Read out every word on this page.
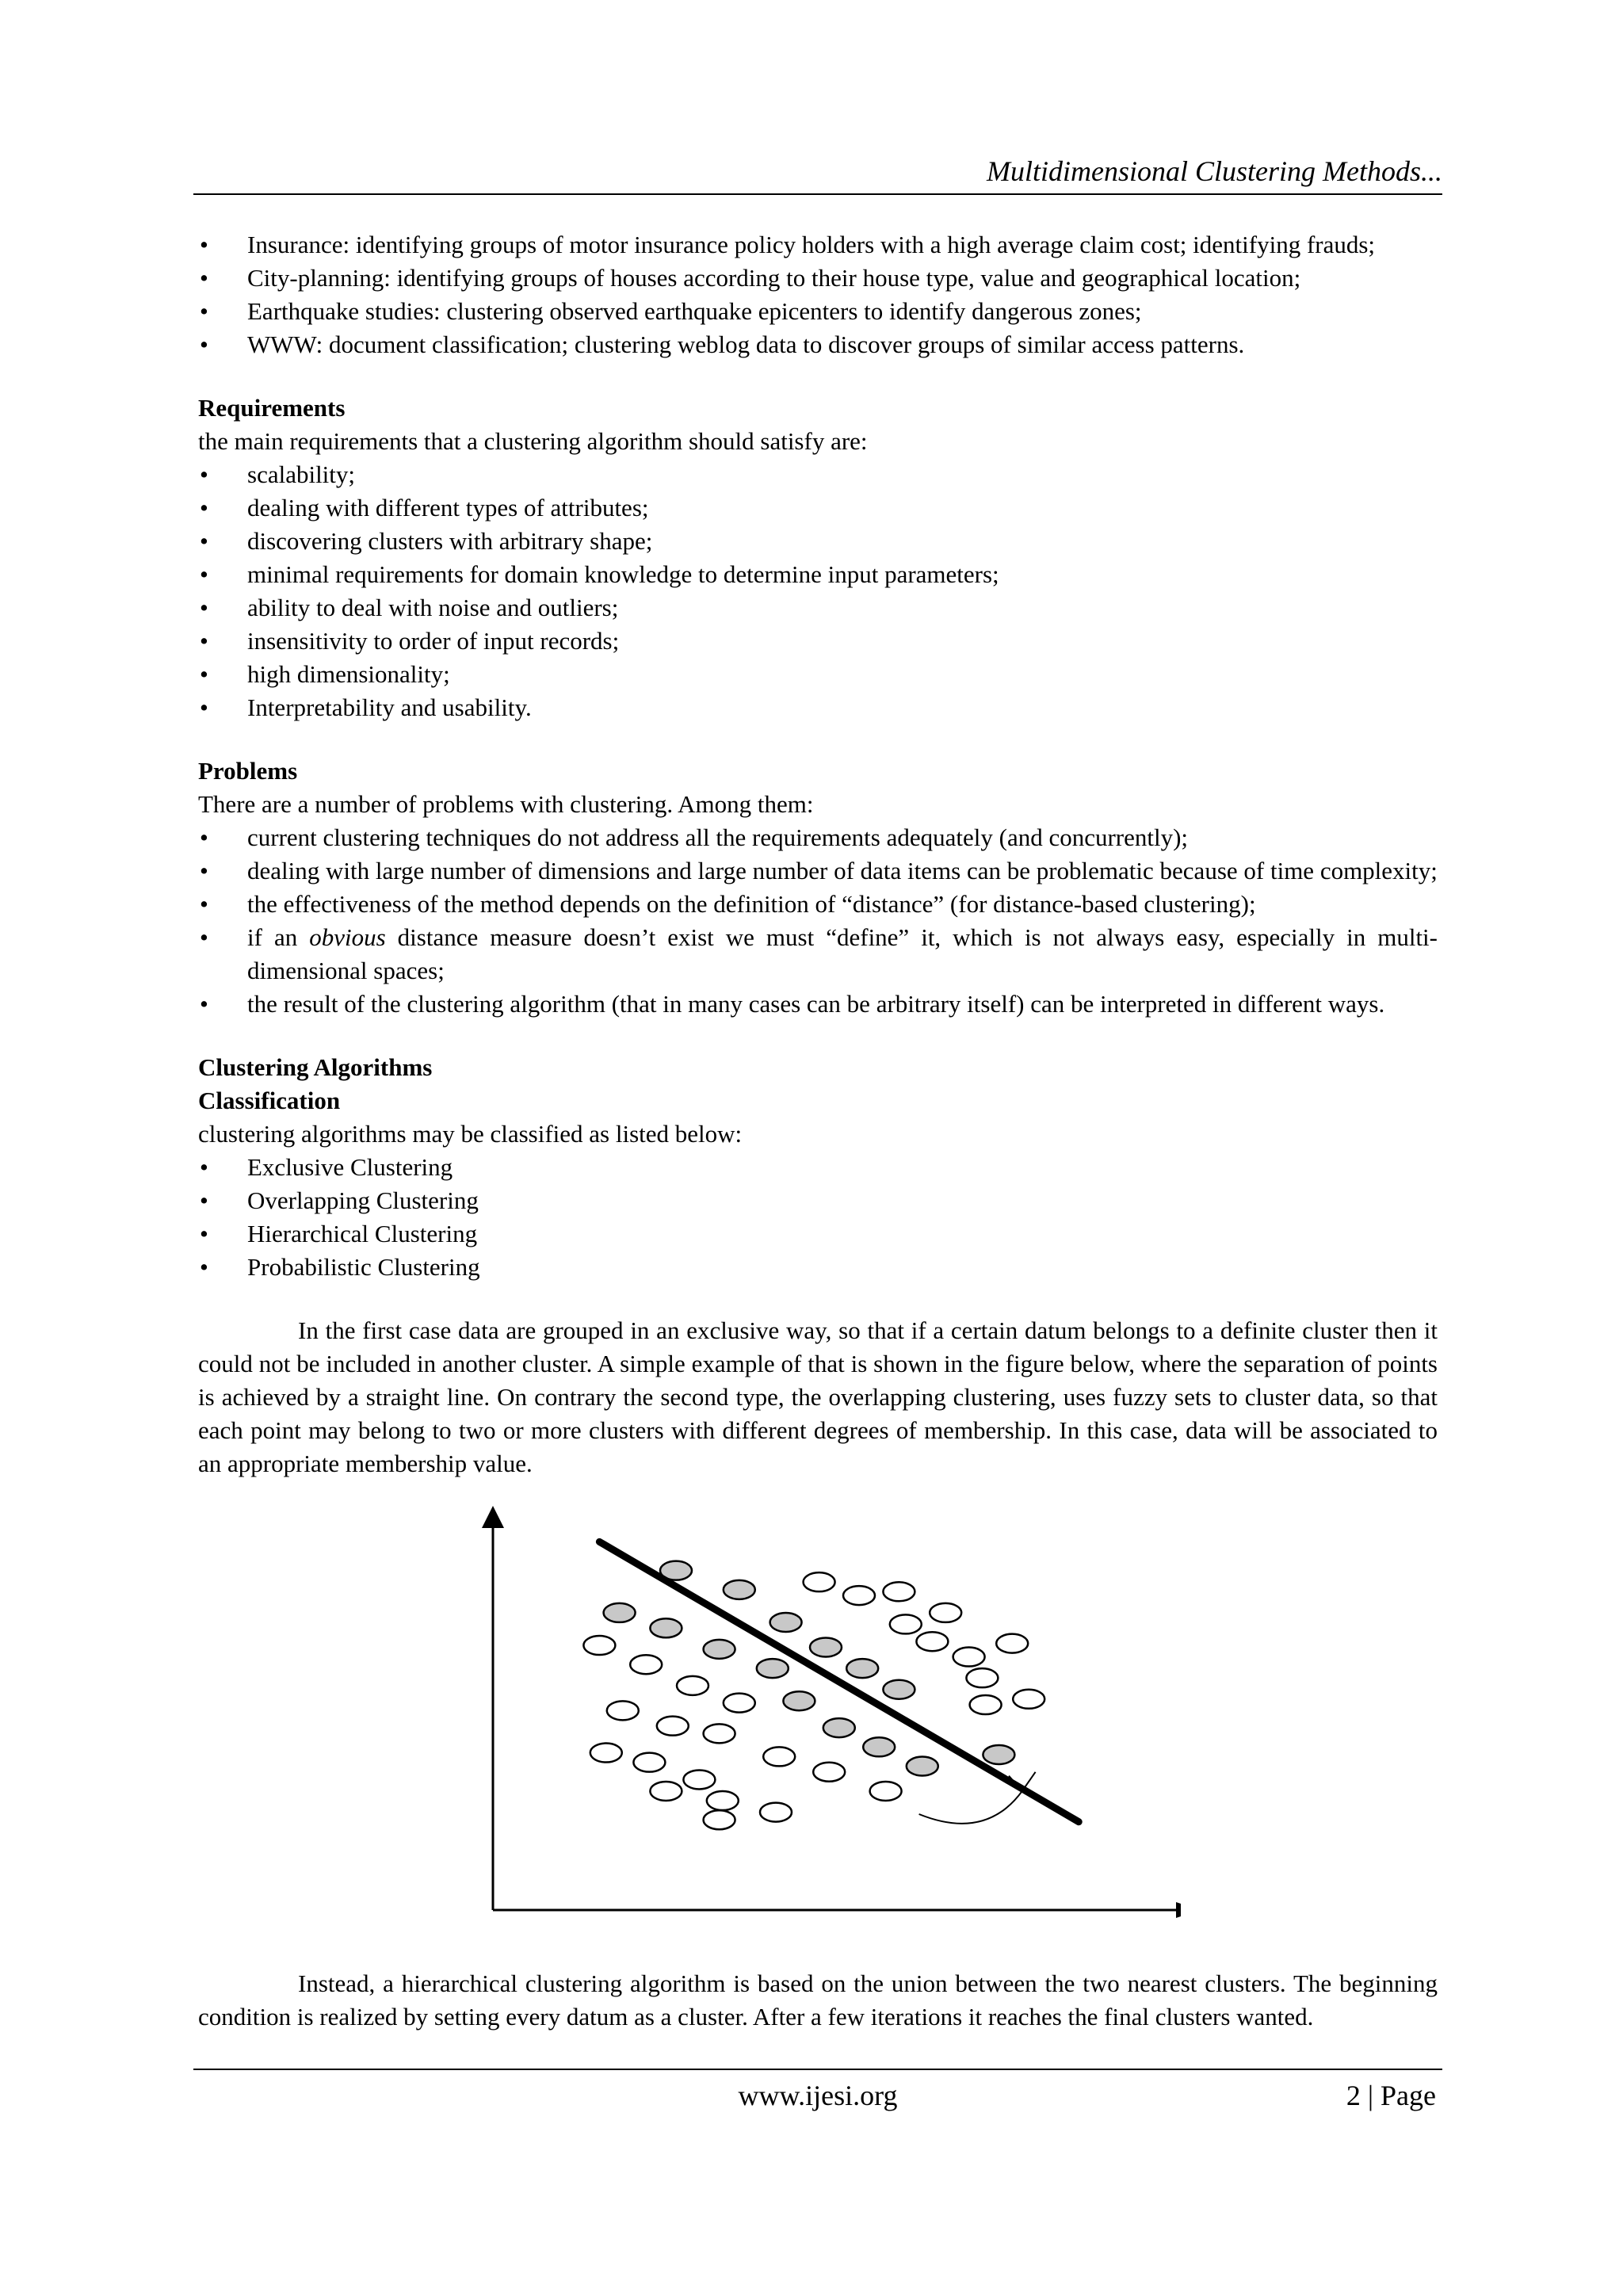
Multidimensional Clustering Methods...
• Insurance: identifying groups of motor insurance policy holders with a high average claim cost; identifying frauds;
• City-planning: identifying groups of houses according to their house type, value and geographical location;
• Earthquake studies: clustering observed earthquake epicenters to identify dangerous zones;
• WWW: document classification; clustering weblog data to discover groups of similar access patterns.

Requirements

the main requirements that a clustering algorithm should satisfy are:

• scalability;
• dealing with different types of attributes;
• discovering clusters with arbitrary shape;
• minimal requirements for domain knowledge to determine input parameters;
• ability to deal with noise and outliers;
• insensitivity to order of input records;
• high dimensionality;
• Interpretability and usability.

Problems

There are a number of problems with clustering. Among them:

• current clustering techniques do not address all the requirements adequately (and concurrently);
• dealing with large number of dimensions and large number of data items can be problematic because of time complexity;
• the effectiveness of the method depends on the definition of “distance” (for distance-based clustering);
• if an obvious distance measure doesn’t exist we must “define” it, which is not always easy, especially in multi-dimensional spaces;
• the result of the clustering algorithm (that in many cases can be arbitrary itself) can be interpreted in different ways.

Clustering Algorithms

Classification

clustering algorithms may be classified as listed below:

• Exclusive Clustering
• Overlapping Clustering
• Hierarchical Clustering
• Probabilistic Clustering

In the first case data are grouped in an exclusive way, so that if a certain datum belongs to a definite cluster then it could not be included in another cluster. A simple example of that is shown in the figure below, where the separation of points is achieved by a straight line. On contrary the second type, the overlapping clustering, uses fuzzy sets to cluster data, so that each point may belong to two or more clusters with different degrees of membership. In this case, data will be associated to an appropriate membership value.

Instead, a hierarchical clustering algorithm is based on the union between the two nearest clusters. The beginning condition is realized by setting every datum as a cluster. After a few iterations it reaches the final clusters wanted.

www.ijesi.org	2 | Page
